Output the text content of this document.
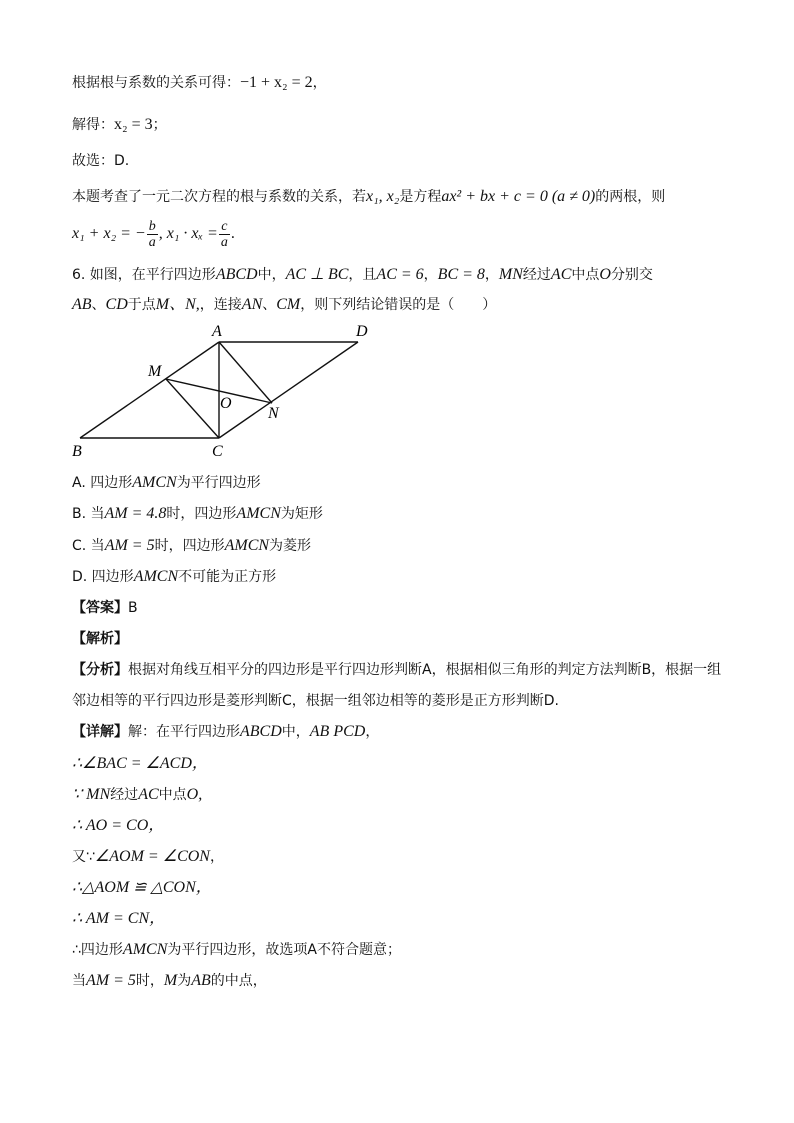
根据根与系数的关系可得：−1 + x₂ = 2，
解得：x₂ = 3；
故选：D.
本题考查了一元二次方程的根与系数的关系，若x₁, x₂是方程ax² + bx + c = 0 (a ≠ 0)的两根，则
x₁ + x₂ = − $\frac{b}{a}$ , $x_1 \cdot x_x = \frac{c}{a}$ .
6. 如图，在平行四边形ABCD中，AC ⊥ BC，且AC = 6，BC = 8，MN经过AC中点O分别交
AB、CD于点M、N,，连接AN、CM，则下列结论错误的是（　　）
A	D
B	C
M
N
O
A. 四边形AMCN为平行四边形
B. 当AM = 4.8时，四边形AMCN为矩形
C. 当AM = 5时，四边形AMCN为菱形
D. 四边形AMCN不可能为正方形
【答案】B
【解析】
【分析】根据对角线互相平分的四边形是平行四边形判断A，根据相似三角形的判定方法判断B，根据一组
邻边相等的平行四边形是菱形判断C，根据一组邻边相等的菱形是正方形判断D.
【详解】解：在平行四边形ABCD中，AB PCD，
∴∠BAC = ∠ACD，
∵ MN经过AC中点O,
∴ AO = CO，
又∵∠AOM = ∠CON，
∴△AOM ≌ △CON，
∴ AM = CN，
∴四边形AMCN为平行四边形，故选项A不符合题意；
当AM = 5时，M为AB的中点，
